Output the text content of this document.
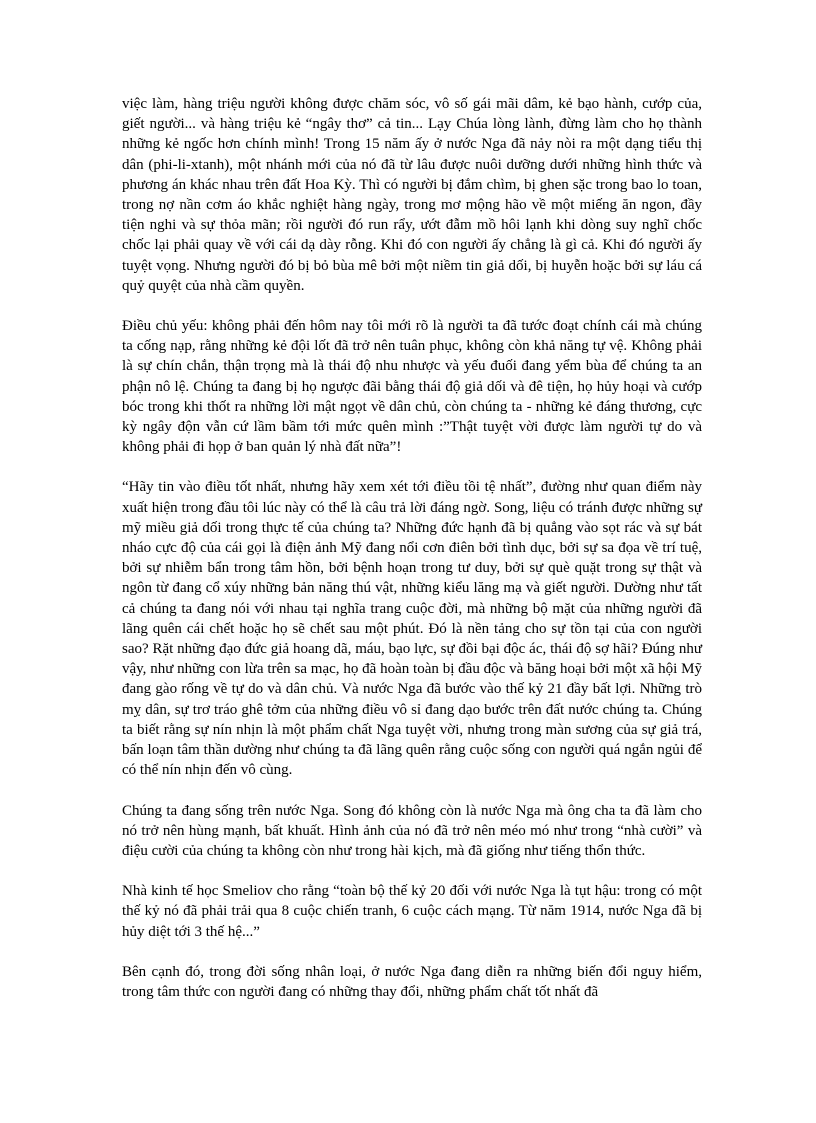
việc làm, hàng triệu người không được chăm sóc, vô số gái mãi dâm, kẻ bạo hành, cướp của, giết người... và hàng triệu kẻ “ngây thơ” cả tin... Lạy Chúa lòng lành, đừng làm cho họ thành những kẻ ngốc hơn chính mình! Trong 15 năm ấy ở nước Nga đã nảy nòi ra một dạng tiểu thị dân (phi-li-xtanh), một nhánh mới của nó đã từ lâu được nuôi dưỡng dưới những hình thức và phương án khác nhau trên đất Hoa Kỳ. Thì có người bị đắm chìm, bị ghen sặc trong bao lo toan, trong nợ nần cơm áo khắc nghiệt hàng ngày, trong mơ mộng hão về một miếng ăn ngon, đầy tiện nghi và sự thỏa mãn; rồi người đó run rẩy, ướt đẫm mồ hôi lạnh khi dòng suy nghĩ chốc chốc lại phải quay về với cái dạ dày rỗng. Khi đó con người ấy chẳng là gì cả. Khi đó người ấy tuyệt vọng. Nhưng người đó bị bỏ bùa mê bởi một niềm tin giả dối, bị huyễn hoặc bởi sự láu cá quỷ quyệt của nhà cầm quyền.

Điều chủ yếu: không phải đến hôm nay tôi mới rõ là người ta đã tước đoạt chính cái mà chúng ta cống nạp, rằng những kẻ đội lốt đã trở nên tuân phục, không còn khả năng tự vệ. Không phải là sự chín chắn, thận trọng mà là thái độ nhu nhược và yếu đuối đang yểm bùa để chúng ta an phận nô lệ. Chúng ta đang bị họ ngược đãi bằng thái độ giả dối và đê tiện, họ hủy hoại và cướp bóc trong khi thốt ra những lời mật ngọt về dân chủ, còn chúng ta - những kẻ đáng thương, cực kỳ ngây độn vẫn cứ lầm bầm tới mức quên mình :”Thật tuyệt vời được làm người tự do và không phải đi họp ở ban quản lý nhà đất nữa”!

“Hãy tin vào điều tốt nhất, nhưng hãy xem xét tới điều tồi tệ nhất”, đường như quan điểm này xuất hiện trong đầu tôi lúc này có thể là câu trả lời đáng ngờ. Song, liệu có tránh được những sự mỹ miều giả dối trong thực tế của chúng ta? Những đức hạnh đã bị quẳng vào sọt rác và sự bát nháo cực độ của cái gọi là điện ảnh Mỹ đang nổi cơn điên bởi tình dục, bởi sự sa đọa về trí tuệ, bởi sự nhiễm bẩn trong tâm hồn, bởi bệnh hoạn trong tư duy, bởi sự què quặt trong sự thật và ngôn từ đang cổ xúy những bản năng thú vật, những kiểu lăng mạ và giết người. Dường như tất cả chúng ta đang nói với nhau tại nghĩa trang cuộc đời, mà những bộ mặt của những người đã lãng quên cái chết hoặc họ sẽ chết sau một phút. Đó là nền tảng cho sự tồn tại của con người sao? Rặt những đạo đức giả hoang dã, máu, bạo lực, sự đồi bại độc ác, thái độ sợ hãi? Đúng như vậy, như những con lừa trên sa mạc, họ đã hoàn toàn bị đầu độc và băng hoại bởi một xã hội Mỹ đang gào rống về tự do và dân chủ. Và nước Nga đã bước vào thế kỷ 21 đầy bất lợi. Những trò mỵ dân, sự trơ tráo ghê tởm của những điều vô sỉ đang dạo bước trên đất nước chúng ta. Chúng ta biết rằng sự nín nhịn là một phẩm chất Nga tuyệt vời, nhưng trong màn sương của sự giả trá, bấn loạn tâm thần dường như chúng ta đã lãng quên rằng cuộc sống con người quá ngắn ngủi để có thể nín nhịn đến vô cùng.

Chúng ta đang sống trên nước Nga. Song đó không còn là nước Nga mà ông cha ta đã làm cho nó trở nên hùng mạnh, bất khuất. Hình ảnh của nó đã trở nên méo mó như trong “nhà cười” và điệu cười của chúng ta không còn như trong hài kịch, mà đã giống như tiếng thổn thức.

Nhà kinh tế học Smeliov cho rằng “toàn bộ thế kỷ 20 đối với nước Nga là tụt hậu: trong có một thế kỷ nó đã phải trải qua 8 cuộc chiến tranh, 6 cuộc cách mạng. Từ năm 1914, nước Nga đã bị hủy diệt tới 3 thế hệ...”

Bên cạnh đó, trong đời sống nhân loại, ở nước Nga đang diễn ra những biến đổi nguy hiểm, trong tâm thức con người đang có những thay đổi, những phẩm chất tốt nhất đã
